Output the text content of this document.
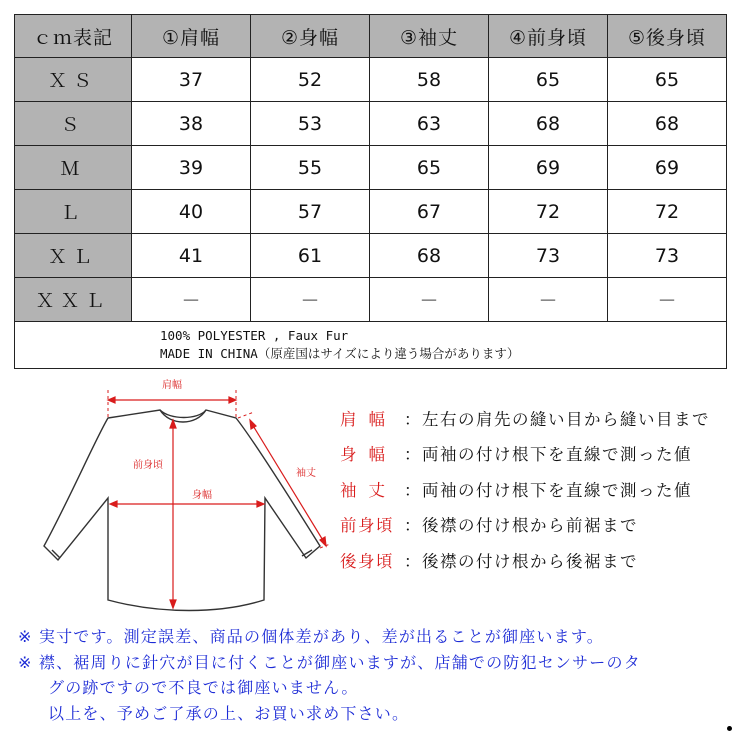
ｃｍ表記	①肩幅	②身幅	③袖丈	④前身頃	⑤後身頃
ＸＳ	37	52	58	65	65
Ｓ	38	53	63	68	68
Ｍ	39	55	65	69	69
Ｌ	40	57	67	72	72
ＸＬ	41	61	68	73	73
ＸＸＬ	－	－	－	－	－

100% POLYESTER , Faux Fur
MADE IN CHINA（原産国はサイズにより違う場合があります）					
肩幅
前身頃
身幅
袖丈
肩幅 ：左右の肩先の縫い目から縫い目まで
身幅 ：両袖の付け根下を直線で測った値
袖丈 ：両袖の付け根下を直線で測った値
前身頃 ：後襟の付け根から前裾まで
後身頃 ：後襟の付け根から後裾まで
※ 実寸です。測定誤差、商品の個体差があり、差が出ることが御座います。
※ 襟、裾周りに針穴が目に付くことが御座いますが、店舗での防犯センサーのタ
グの跡ですので不良では御座いません。
以上を、予めご了承の上、お買い求め下さい。
